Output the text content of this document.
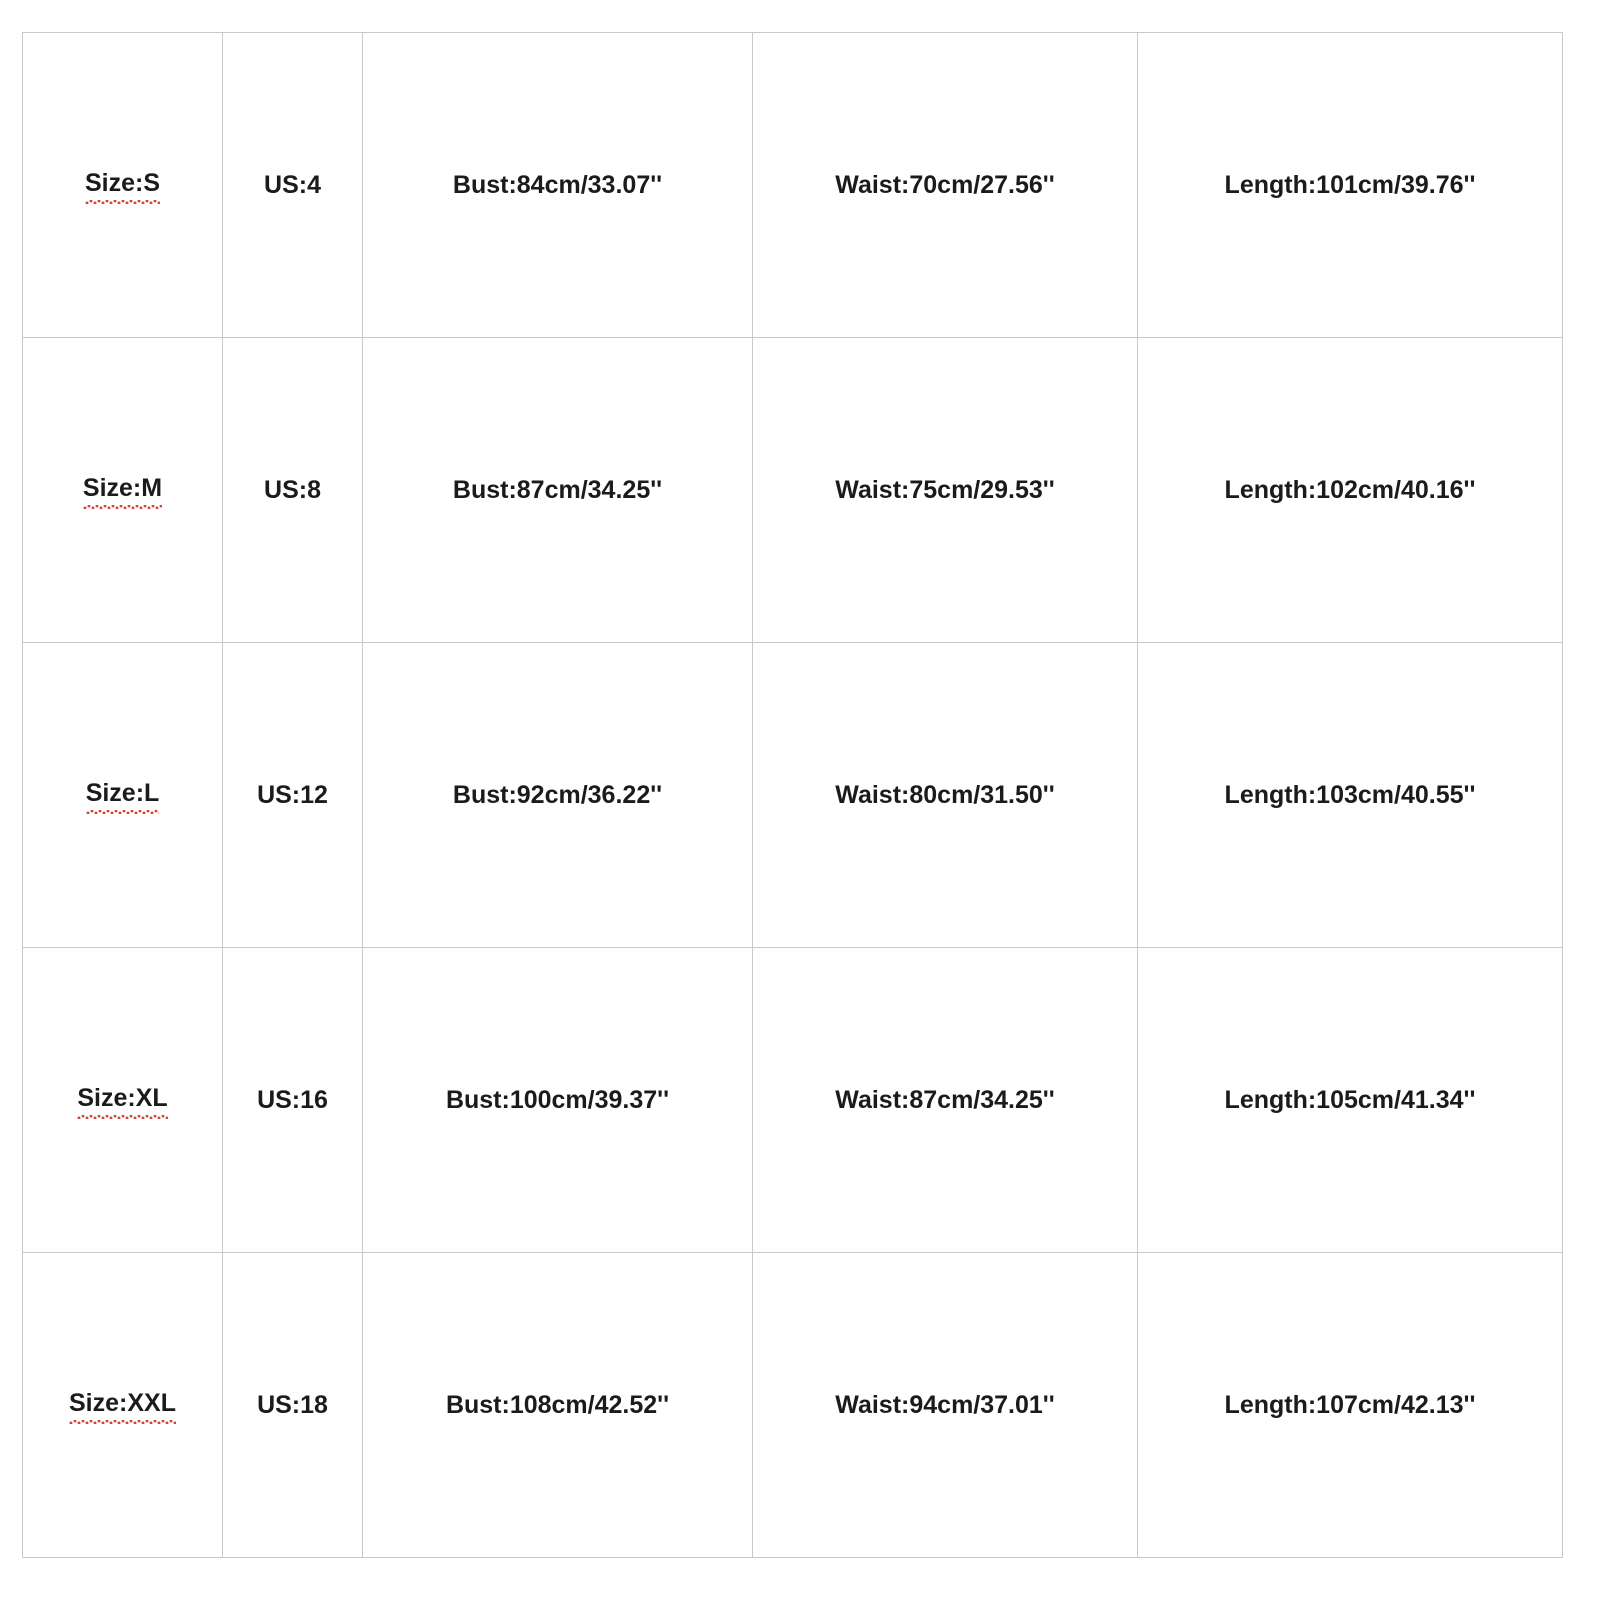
Size:S	US:4	Bust:84cm/33.07''	Waist:70cm/27.56''	Length:101cm/39.76''

Size:M	US:8	Bust:87cm/34.25''	Waist:75cm/29.53''	Length:102cm/40.16''

Size:L	US:12	Bust:92cm/36.22''	Waist:80cm/31.50''	Length:103cm/40.55''

Size:XL	US:16	Bust:100cm/39.37''	Waist:87cm/34.25''	Length:105cm/41.34''

Size:XXL	US:18	Bust:108cm/42.52''	Waist:94cm/37.01''	Length:107cm/42.13''
